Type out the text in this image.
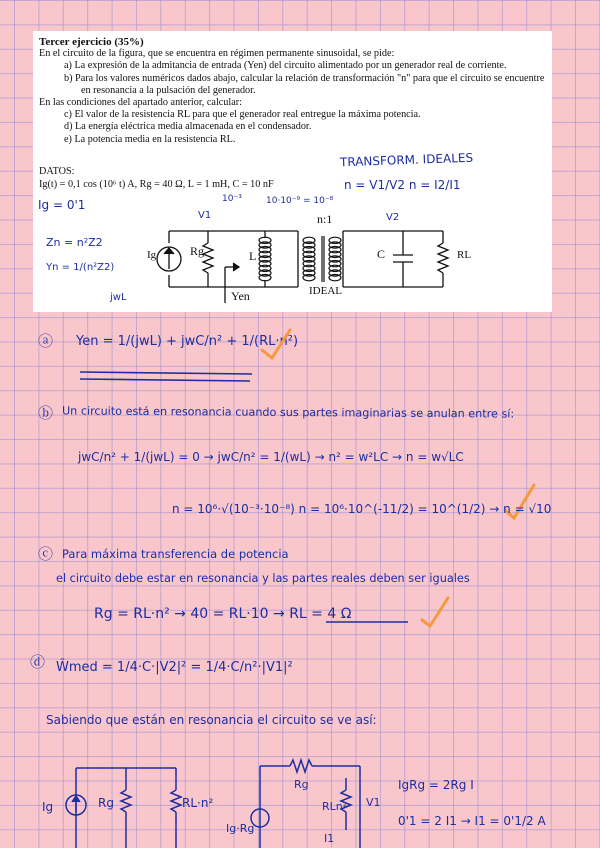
Tercer ejercicio (35%)
En el circuito de la figura, que se encuentra en régimen permanente sinusoidal, se pide:
a) La expresión de la admitancia de entrada (Yen) del circuito alimentado por un generador real de corriente.
b) Para los valores numéricos dados abajo, calcular la relación de transformación "n" para que el circuito se encuentre en resonancia a la pulsación del generador.
En las condiciones del apartado anterior, calcular:
c) El valor de la resistencia RL para que el generador real entregue la máxima potencia.
d) La energía eléctrica media almacenada en el condensador.
e) La potencia media en la resistencia RL.
DATOS:
Ig(t) = 0,1 cos (10⁶ t) A, Rg = 40 Ω, L = 1 mH, C = 10 nF
Ig	Rg	L
n:1
C	RL
Yen	IDEAL
TRANSFORM. IDEALES
n = V1/V2 n = I2/I1
Ig = 0'1	10⁻³	10·10⁻⁹ = 10⁻⁸
V1	V2
Zn = n²Z2
Yn = 1/(n²Z2)
jwL
ⓐ Yen = 1/(jwL) + jwC/n² + 1/(RL·n²)
ⓑ Un circuito está en resonancia cuando sus partes imaginarias se anulan entre sí:
jwC/n² + 1/(jwL) = 0 → jwC/n² = 1/(wL) → n² = w²LC → n = w√LC
n = 10⁶·√(10⁻³·10⁻⁸) n = 10⁶·10^(-11/2) = 10^(1/2) → n = √10
ⓒ Para máxima transferencia de potencia
el circuito debe estar en resonancia y las partes reales deben ser iguales
Rg = RL·n² → 40 = RL·10 → RL = 4 Ω
ⓓ W̄med = 1/4·C·|V2|² = 1/4·C/n²·|V1|²
Sabiendo que están en resonancia el circuito se ve así:
Ig	Rg	RL·n²
Ig·Rg
Rg
RLn² V1
I1
IgRg = 2Rg I
0'1 = 2 I1 → I1 = 0'1/2 A
